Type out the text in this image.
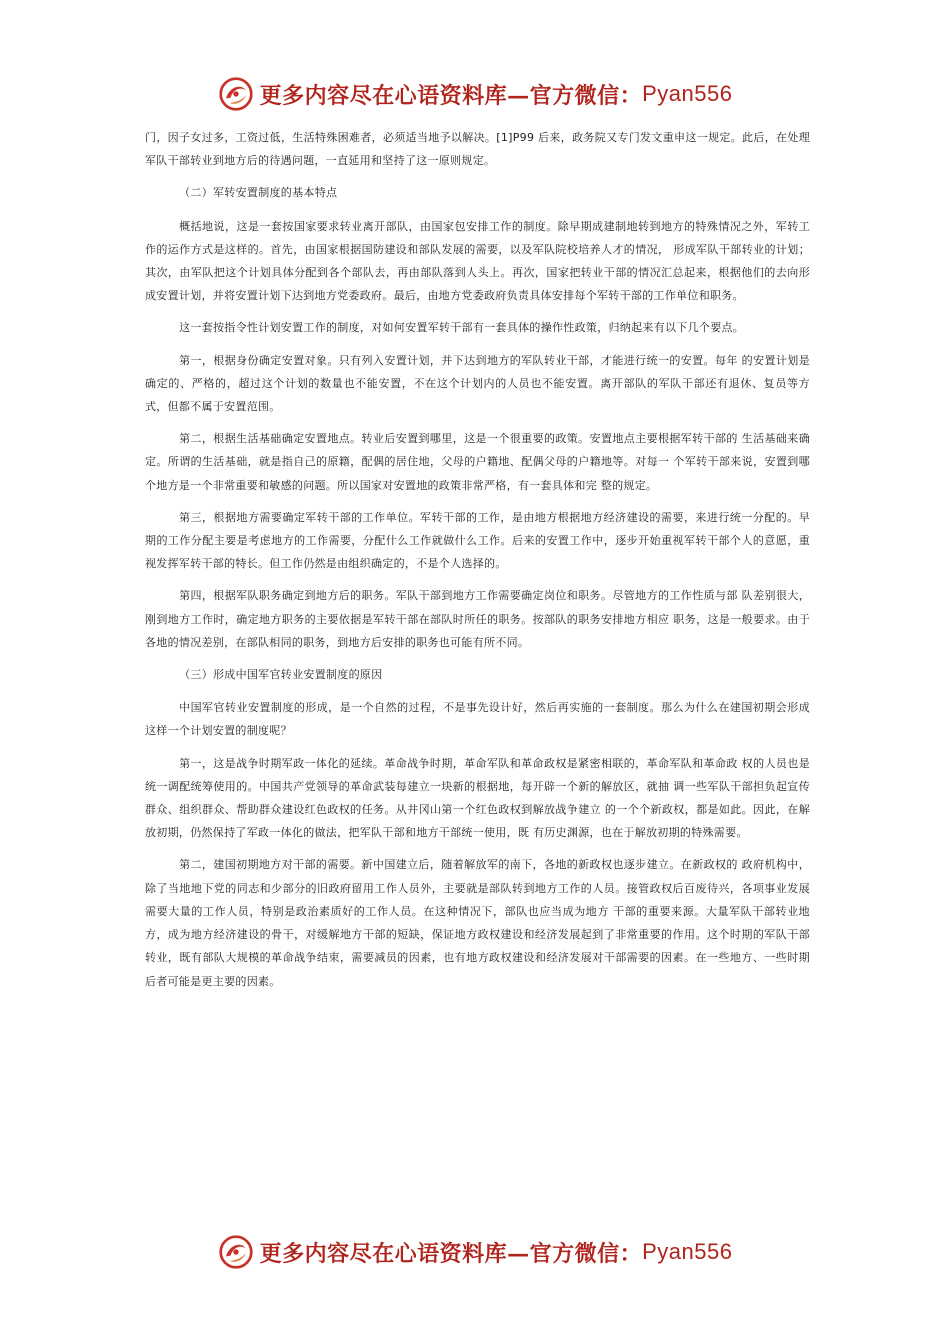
更多内容尽在心语资料库—官方微信： Pyan556

门，因子女过多，工资过低，生活特殊困难者，必须适当地予以解决。[1]P99 后来，政务院又专门发文重申这一规定。此后，在处理军队干部转业到地方后的待遇问题，一直延用和坚持了这一原则规定。

（二）军转安置制度的基本特点

概括地说，这是一套按国家要求转业离开部队，由国家包安排工作的制度。除早期成建制地转到地方的特殊情况之外，军转工作的运作方式是这样的。首先，由国家根据国防建设和部队发展的需要，以及军队院校培养人才的情况， 形成军队干部转业的计划；其次，由军队把这个计划具体分配到各个部队去，再由部队落到人头上。再次，国家把转业干部的情况汇总起来，根据他们的去向形成安置计划，并将安置计划下达到地方党委政府。最后，由地方党委政府负责具体安排每个军转干部的工作单位和职务。

这一套按指令性计划安置工作的制度，对如何安置军转干部有一套具体的操作性政策，归纳起来有以下几个要点。

第一，根据身份确定安置对象。只有列入安置计划，并下达到地方的军队转业干部，才能进行统一的安置。每年 的安置计划是确定的、严格的，超过这个计划的数量也不能安置，不在这个计划内的人员也不能安置。离开部队的军队干部还有退休、复员等方式，但都不属于安置范围。

第二，根据生活基础确定安置地点。转业后安置到哪里，这是一个很重要的政策。安置地点主要根据军转干部的 生活基础来确定。所谓的生活基础，就是指自己的原籍，配偶的居住地，父母的户籍地、配偶父母的户籍地等。对每一 个军转干部来说，安置到哪个地方是一个非常重要和敏感的问题。所以国家对安置地的政策非常严格，有一套具体和完 整的规定。

第三，根据地方需要确定军转干部的工作单位。军转干部的工作，是由地方根据地方经济建设的需要，来进行统一分配的。早期的工作分配主要是考虑地方的工作需要，分配什么工作就做什么工作。后来的安置工作中，逐步开始重视军转干部个人的意愿，重视发挥军转干部的特长。但工作仍然是由组织确定的，不是个人选择的。

第四，根据军队职务确定到地方后的职务。军队干部到地方工作需要确定岗位和职务。尽管地方的工作性质与部 队差别很大，刚到地方工作时，确定地方职务的主要依据是军转干部在部队时所任的职务。按部队的职务安排地方相应 职务，这是一般要求。由于各地的情况差别，在部队相同的职务，到地方后安排的职务也可能有所不同。

（三）形成中国军官转业安置制度的原因

中国军官转业安置制度的形成，是一个自然的过程，不是事先设计好，然后再实施的一套制度。那么为什么在建国初期会形成这样一个计划安置的制度呢？

第一，这是战争时期军政一体化的延续。革命战争时期，革命军队和革命政权是紧密相联的，革命军队和革命政 权的人员也是统一调配统筹使用的。中国共产党领导的革命武装每建立一块新的根据地，每开辟一个新的解放区，就抽 调一些军队干部担负起宣传群众、组织群众、帮助群众建设红色政权的任务。从井冈山第一个红色政权到解放战争建立 的一个个新政权，都是如此。因此，在解放初期，仍然保持了军政一体化的做法，把军队干部和地方干部统一使用，既 有历史渊源，也在于解放初期的特殊需要。

第二，建国初期地方对干部的需要。新中国建立后，随着解放军的南下，各地的新政权也逐步建立。在新政权的 政府机构中，除了当地地下党的同志和少部分的旧政府留用工作人员外，主要就是部队转到地方工作的人员。接管政权后百废待兴，各项事业发展需要大量的工作人员，特别是政治素质好的工作人员。在这种情况下，部队也应当成为地方 干部的重要来源。大量军队干部转业地方，成为地方经济建设的骨干，对缓解地方干部的短缺，保证地方政权建设和经济发展起到了非常重要的作用。这个时期的军队干部转业，既有部队大规模的革命战争结束，需要减员的因素，也有地方政权建设和经济发展对干部需要的因素。在一些地方、一些时期后者可能是更主要的因素。

更多内容尽在心语资料库—官方微信： Pyan556
